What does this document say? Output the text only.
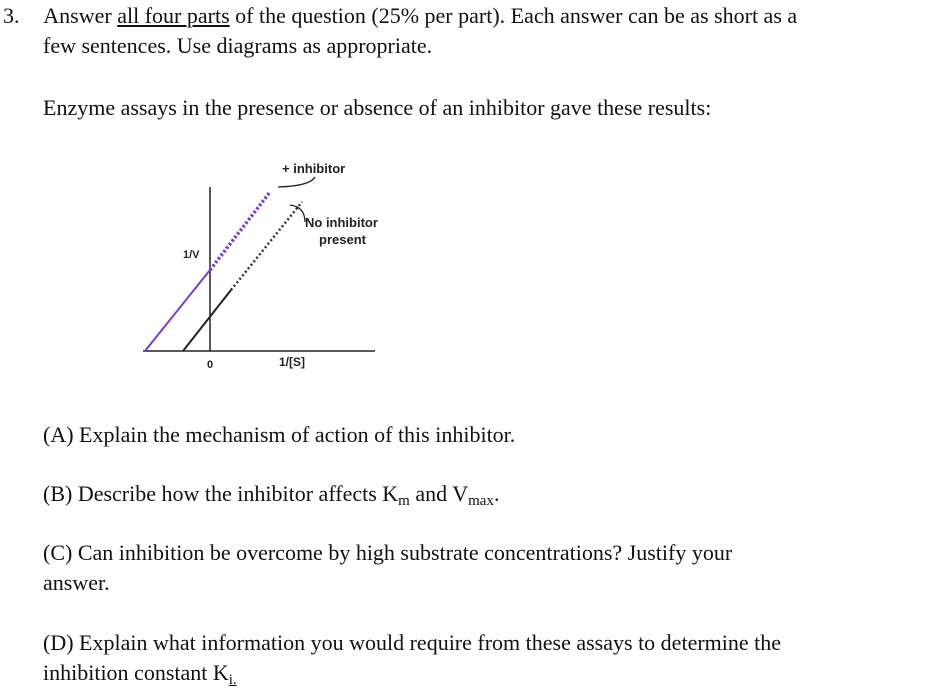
3. Answer all four parts of the question (25% per part). Each answer can be as short as a
few sentences. Use diagrams as appropriate.
Enzyme assays in the presence or absence of an inhibitor gave these results:
+ inhibitor
No inhibitor
present
1/V
1/[S]
0
(A) Explain the mechanism of action of this inhibitor.
(B) Describe how the inhibitor affects Km and Vmax.
(C) Can inhibition be overcome by high substrate concentrations? Justify your
answer.
(D) Explain what information you would require from these assays to determine the
inhibition constant Ki.
